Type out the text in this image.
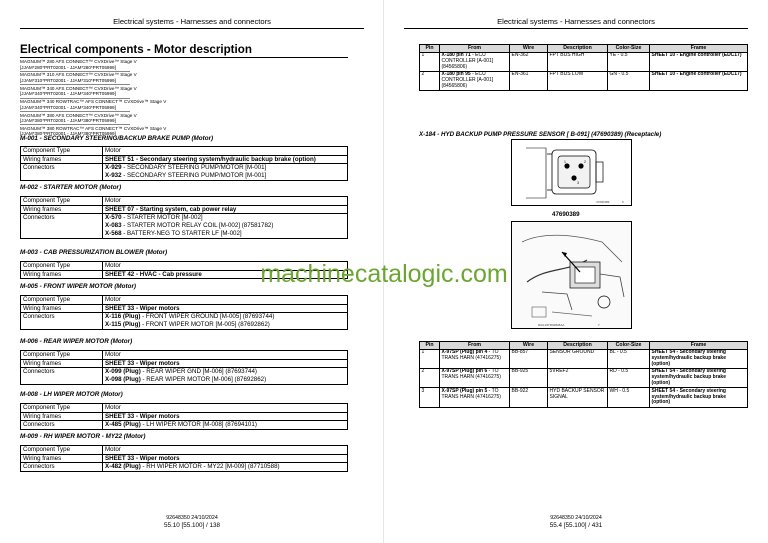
Electrical systems - Harnesses and connectors
Electrical components - Motor description
MAGNUM™ 280 AFS CONNECT™ CVXDrive™ Stage V
[JJAM*280*PRT02001 - JJAM*280*PRT05999]
MAGNUM™ 310 AFS CONNECT™ CVXDrive™ Stage V
[JJAM*310*PRT02001 - JJAM*310*PRT05999]
MAGNUM™ 340 AFS CONNECT™ CVXDrive™ Stage V
[JJAM*340*PRT02001 - JJAM*340*PRT05999]
MAGNUM™ 340 ROWTRAC™ AFS CONNECT™ CVXDrive™ Stage V
[JJAM*340*PRT02001 - JJAM*340*PRT05999]
MAGNUM™ 380 AFS CONNECT™ CVXDrive™ Stage V
[JJAM*380*PRT02001 - JJAM*380*PRT05999]
MAGNUM™ 380 ROWTRAC™ AFS CONNECT™ CVXDrive™ Stage V
[JJAM*380*PRT02001 - JJAM*380*PRT05999]
M-001 - SECONDARY STEERING/BACKUP BRAKE PUMP (Motor)
Component Type	Motor
Wiring frames	SHEET 51 - Secondary steering system/hydraulic backup brake (option)
Connectors	X-929 - SECONDARY STEERING PUMP/MOTOR [M-001]
X-932 - SECONDARY STEERING PUMP/MOTOR [M-001]
M-002 - STARTER MOTOR (Motor)
Component Type	Motor
Wiring frames	SHEET 07 - Starting system, cab power relay
Connectors	X-570 - STARTER MOTOR [M-002]
X-083 - STARTER MOTOR RELAY COIL [M-002] (87581782)
X-568 - BATTERY-NEG TO STARTER LF [M-002]
M-003 - CAB PRESSURIZATION BLOWER (Motor)
Component Type	Motor
Wiring frames	SHEET 42 - HVAC - Cab pressure
M-005 - FRONT WIPER MOTOR (Motor)
Component Type	Motor
Wiring frames	SHEET 33 - Wiper motors
Connectors	X-116 (Plug) - FRONT WIPER GROUND [M-005] (87693744)
X-115 (Plug) - FRONT WIPER MOTOR [M-005] (87692862)
M-006 - REAR WIPER MOTOR (Motor)
Component Type	Motor
Wiring frames	SHEET 33 - Wiper motors
Connectors	X-099 (Plug) - REAR WIPER GND [M-006] (87693744)
X-098 (Plug) - REAR WIPER MOTOR [M-006] (87692862)
M-008 - LH WIPER MOTOR (Motor)
Component Type	Motor
Wiring frames	SHEET 33 - Wiper motors
Connectors	X-485 (Plug) - LH WIPER MOTOR [M-008] (87694101)
M-009 - RH WIPER MOTOR - MY22 (Motor)
Component Type	Motor
Wiring frames	SHEET 33 - Wiper motors
Connectors	X-482 (Plug) - RH WIPER MOTOR - MY22 [M-009] (87710588)
92648350 24/10/2024
55.10 [55.100] / 138
Electrical systems - Harnesses and connectors
92648350 24/10/2024
55.4 [55.100] / 431
Pin	From	Wire	Description	Color-Size	Frame
1	X-180 pin 71 - ECU CONTROLLER [A-001] (84565806)	EN-362	FPT BUS HIGH	YE - 0.5	SHEET 10 - Engine controller (EDC17)
2	X-180 pin 95 - ECU CONTROLLER [A-001] (84565806)	EN-361	FPT BUS LOW	GN - 0.5	SHEET 10 - Engine controller (EDC17)
X-184 - HYD BACKUP PUMP PRESSURE SENSOR [ B-091] (47690389) (Receptacle)
1	2
3
47690389	6
47690389
RAIL19TR02828AA	7
Pin	From	Wire	Description	Color-Size	Frame
1	X-97SP (Plug) pin 4 - TO TRANS HARN (47416275)	BB-857	SENSOR GROUND	BL - 0.5	SHEET 54 - Secondary steering system/hydraulic backup brake (option)
2	X-97SP (Plug) pin 6 - TO TRANS HARN (47416275)	BB-925	5VREF2	RD - 0.5	SHEET 54 - Secondary steering system/hydraulic backup brake (option)
3	X-97SP (Plug) pin 5 - TO TRANS HARN (47416275)	BB-922	HYD BACKUP SENSOR SIGNAL	WH - 0.5	SHEET 54 - Secondary steering system/hydraulic backup brake (option)
machinecatalogic.com
